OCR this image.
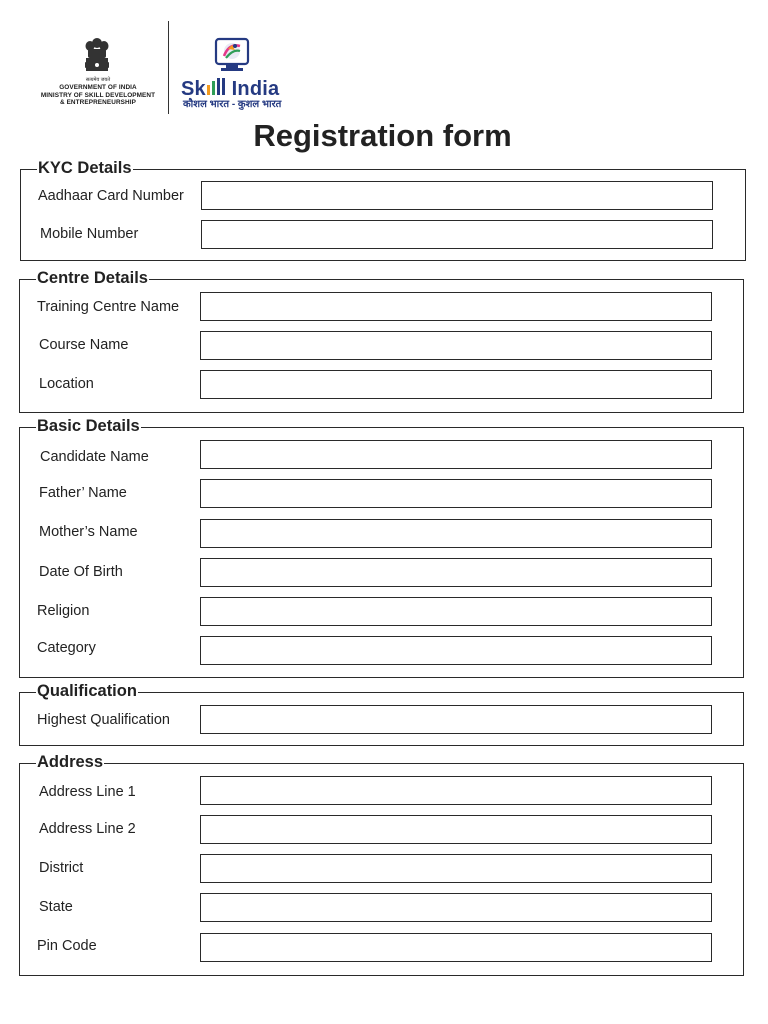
सत्यमेव जयते
GOVERNMENT OF INDIA
MINISTRY OF SKILL DEVELOPMENT
& ENTREPRENEURSHIP
Sk India
कौशल भारत - कुशल भारत
Registration form
KYC Details
Aadhaar Card Number
Mobile Number
Centre Details
Training Centre Name
Course Name
Location
Basic Details
Candidate Name
Father’ Name
Mother’s Name
Date Of Birth
Religion
Category
Qualification
Highest Qualification
Address
Address Line 1
Address Line 2
District
State
Pin Code
